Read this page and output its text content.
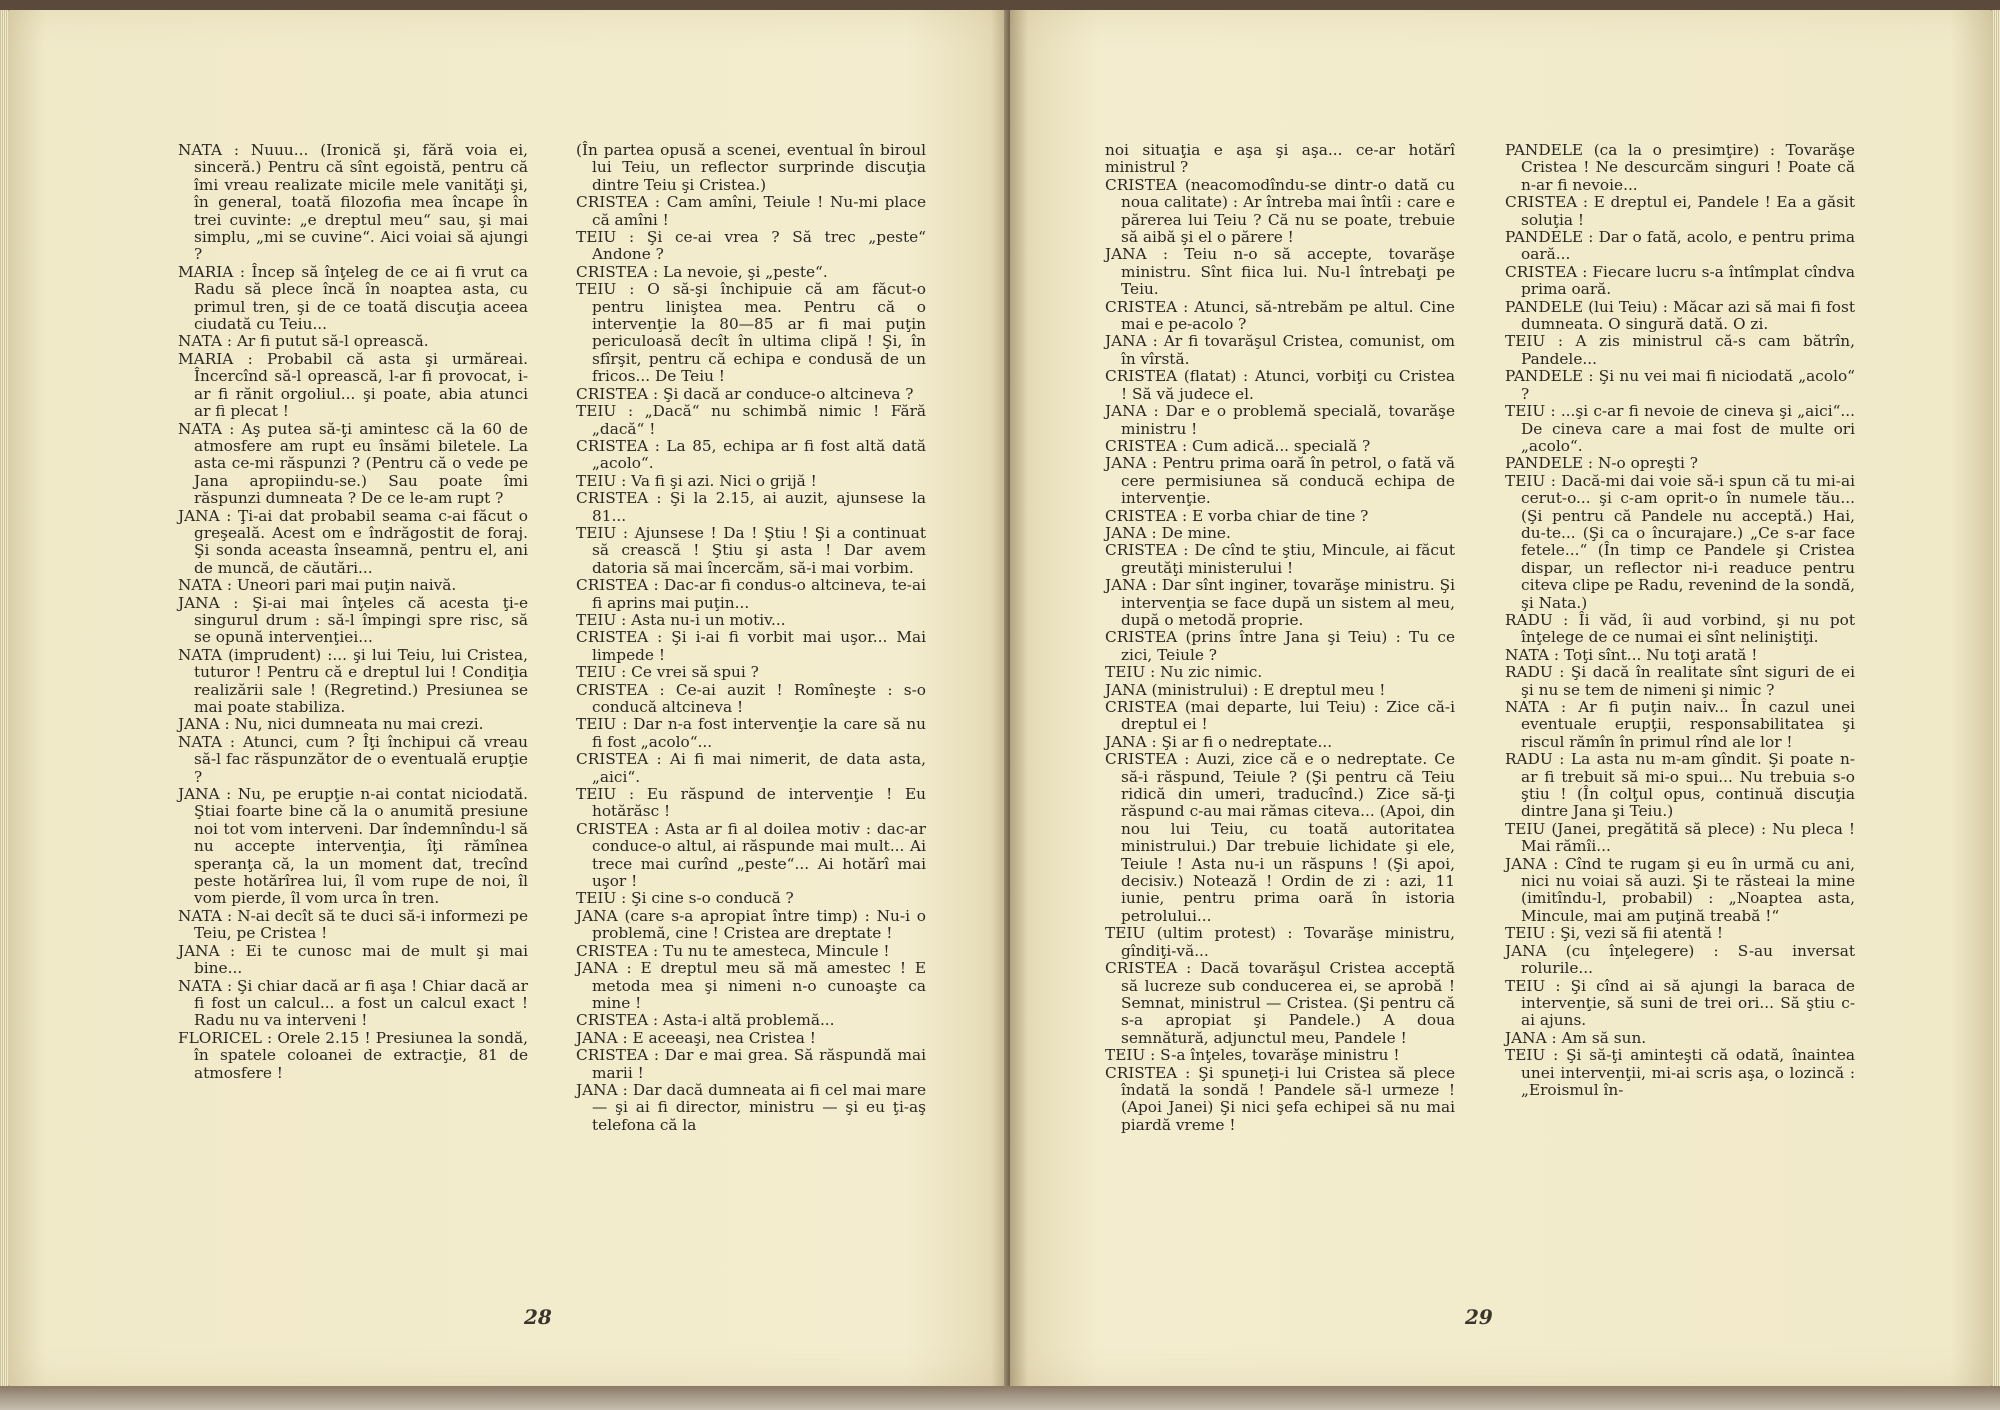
NATA : Nuuu... (Ironică şi, fără voia ei, sinceră.) Pentru că sînt egoistă, pentru că îmi vreau realizate micile mele vanităţi şi, în general, toată filozofia mea încape în trei cuvinte: „e dreptul meu“ sau, şi mai simplu, „mi se cuvine“. Aici voiai să ajungi ?

MARIA : Încep să înţeleg de ce ai fi vrut ca Radu să plece încă în noaptea asta, cu primul tren, şi de ce toată discuţia aceea ciudată cu Teiu...

NATA : Ar fi putut să-l oprească.

MARIA : Probabil că asta şi urmăreai. Încercînd să-l oprească, l-ar fi provocat, i-ar fi rănit orgoliul... şi poate, abia atunci ar fi plecat !

NATA : Aş putea să-ţi amintesc că la 60 de atmosfere am rupt eu însămi biletele. La asta ce-mi răspunzi ? (Pentru că o vede pe Jana apropiindu-se.) Sau poate îmi răspunzi dumneata ? De ce le-am rupt ?

JANA : Ţi-ai dat probabil seama c-ai făcut o greşeală. Acest om e îndrăgostit de foraj. Şi sonda aceasta înseamnă, pentru el, ani de muncă, de căutări...

NATA : Uneori pari mai puţin naivă.

JANA : Şi-ai mai înţeles că acesta ţi-e singurul drum : să-l împingi spre risc, să se opună intervenţiei...

NATA (imprudent) :... şi lui Teiu, lui Cristea, tuturor ! Pentru că e dreptul lui ! Condiţia realizării sale ! (Regretind.) Presiunea se mai poate stabiliza.

JANA : Nu, nici dumneata nu mai crezi.

NATA : Atunci, cum ? Îţi închipui că vreau să-l fac răspunzător de o eventuală erupţie ?

JANA : Nu, pe erupţie n-ai contat niciodată. Ştiai foarte bine că la o anumită presiune noi tot vom interveni. Dar îndemnîndu-l să nu accepte intervenţia, îţi rămînea speranţa că, la un moment dat, trecînd peste hotărîrea lui, îl vom rupe de noi, îl vom pierde, îl vom urca în tren.

NATA : N-ai decît să te duci să-i informezi pe Teiu, pe Cristea !

JANA : Ei te cunosc mai de mult şi mai bine...

NATA : Şi chiar dacă ar fi aşa ! Chiar dacă ar fi fost un calcul... a fost un calcul exact ! Radu nu va interveni !

FLORICEL : Orele 2.15 ! Presiunea la sondă, în spatele coloanei de extracţie, 81 de atmosfere !

(În partea opusă a scenei, eventual în biroul lui Teiu, un reflector surprinde discuţia dintre Teiu şi Cristea.)

CRISTEA : Cam amîni, Teiule ! Nu-mi place că amîni !

TEIU : Şi ce-ai vrea ? Să trec „peste“ Andone ?

CRISTEA : La nevoie, şi „peste“.

TEIU : O să-şi închipuie că am făcut-o pentru liniştea mea. Pentru că o intervenţie la 80—85 ar fi mai puţin periculoasă decît în ultima clipă ! Şi, în sfîrşit, pentru că echipa e condusă de un fricos... De Teiu !

CRISTEA : Şi dacă ar conduce-o altcineva ?

TEIU : „Dacă“ nu schimbă nimic ! Fără „dacă“ !

CRISTEA : La 85, echipa ar fi fost altă dată „acolo“.

TEIU : Va fi şi azi. Nici o grijă !

CRISTEA : Şi la 2.15, ai auzit, ajunsese la 81...

TEIU : Ajunsese ! Da ! Ştiu ! Şi a continuat să crească ! Ştiu şi asta ! Dar avem datoria să mai încercăm, să-i mai vorbim.

CRISTEA : Dac-ar fi condus-o altcineva, te-ai fi aprins mai puţin...

TEIU : Asta nu-i un motiv...

CRISTEA : Şi i-ai fi vorbit mai uşor... Mai limpede !

TEIU : Ce vrei să spui ?

CRISTEA : Ce-ai auzit ! Romîneşte : s-o conducă altcineva !

TEIU : Dar n-a fost intervenţie la care să nu fi fost „acolo“...

CRISTEA : Ai fi mai nimerit, de data asta, „aici“.

TEIU : Eu răspund de intervenţie ! Eu hotărăsc !

CRISTEA : Asta ar fi al doilea motiv : dac-ar conduce-o altul, ai răspunde mai mult... Ai trece mai curînd „peste“... Ai hotărî mai uşor !

TEIU : Şi cine s-o conducă ?

JANA (care s-a apropiat între timp) : Nu-i o problemă, cine ! Cristea are dreptate !

CRISTEA : Tu nu te amesteca, Mincule !

JANA : E dreptul meu să mă amestec ! E metoda mea şi nimeni n-o cunoaşte ca mine !

CRISTEA : Asta-i altă problemă...

JANA : E aceeaşi, nea Cristea !

CRISTEA : Dar e mai grea. Să răspundă mai marii !

JANA : Dar dacă dumneata ai fi cel mai mare — şi ai fi director, ministru — şi eu ţi-aş telefona că la

28

noi situaţia e aşa şi aşa... ce-ar hotărî ministrul ?

CRISTEA (neacomodîndu-se dintr-o dată cu noua calitate) : Ar întreba mai întîi : care e părerea lui Teiu ? Că nu se poate, trebuie să aibă şi el o părere !

JANA : Teiu n-o să accepte, tovarăşe ministru. Sînt fiica lui. Nu-l întrebaţi pe Teiu.

CRISTEA : Atunci, să-ntrebăm pe altul. Cine mai e pe-acolo ?

JANA : Ar fi tovarăşul Cristea, comunist, om în vîrstă.

CRISTEA (flatat) : Atunci, vorbiţi cu Cristea ! Să vă judece el.

JANA : Dar e o problemă specială, tovarăşe ministru !

CRISTEA : Cum adică... specială ?

JANA : Pentru prima oară în petrol, o fată vă cere permisiunea să conducă echipa de intervenţie.

CRISTEA : E vorba chiar de tine ?

JANA : De mine.

CRISTEA : De cînd te ştiu, Mincule, ai făcut greutăţi ministerului !

JANA : Dar sînt inginer, tovarăşe ministru. Şi intervenţia se face după un sistem al meu, după o metodă proprie.

CRISTEA (prins între Jana şi Teiu) : Tu ce zici, Teiule ?

TEIU : Nu zic nimic.

JANA (ministrului) : E dreptul meu !

CRISTEA (mai departe, lui Teiu) : Zice că-i dreptul ei !

JANA : Şi ar fi o nedreptate...

CRISTEA : Auzi, zice că e o nedreptate. Ce să-i răspund, Teiule ? (Şi pentru că Teiu ridică din umeri, traducînd.) Zice să-ţi răspund c-au mai rămas citeva... (Apoi, din nou lui Teiu, cu toată autoritatea ministrului.) Dar trebuie lichidate şi ele, Teiule ! Asta nu-i un răspuns ! (Şi apoi, decisiv.) Notează ! Ordin de zi : azi, 11 iunie, pentru prima oară în istoria petrolului...

TEIU (ultim protest) : Tovarăşe ministru, gîndiţi-vă...

CRISTEA : Dacă tovarăşul Cristea acceptă să lucreze sub conducerea ei, se aprobă ! Semnat, ministrul — Cristea. (Şi pentru că s-a apropiat şi Pandele.) A doua semnătură, adjunctul meu, Pandele !

TEIU : S-a înţeles, tovarăşe ministru !

CRISTEA : Şi spuneţi-i lui Cristea să plece îndată la sondă ! Pandele să-l urmeze ! (Apoi Janei) Şi nici şefa echipei să nu mai piardă vreme !

PANDELE (ca la o presimţire) : Tovarăşe Cristea ! Ne descurcăm singuri ! Poate că n-ar fi nevoie...

CRISTEA : E dreptul ei, Pandele ! Ea a găsit soluţia !

PANDELE : Dar o fată, acolo, e pentru prima oară...

CRISTEA : Fiecare lucru s-a întîmplat cîndva prima oară.

PANDELE (lui Teiu) : Măcar azi să mai fi fost dumneata. O singură dată. O zi.

TEIU : A zis ministrul că-s cam bătrîn, Pandele...

PANDELE : Şi nu vei mai fi niciodată „acolo“ ?

TEIU : ...şi c-ar fi nevoie de cineva şi „aici“... De cineva care a mai fost de multe ori „acolo“.

PANDELE : N-o opreşti ?

TEIU : Dacă-mi dai voie să-i spun că tu mi-ai cerut-o... şi c-am oprit-o în numele tău... (Şi pentru că Pandele nu acceptă.) Hai, du-te... (Şi ca o încurajare.) „Ce s-ar face fetele...“ (În timp ce Pandele şi Cristea dispar, un reflector ni-i readuce pentru citeva clipe pe Radu, revenind de la sondă, şi Nata.)

RADU : Îi văd, îi aud vorbind, şi nu pot înţelege de ce numai ei sînt neliniştiţi.

NATA : Toţi sînt... Nu toţi arată !

RADU : Şi dacă în realitate sînt siguri de ei şi nu se tem de nimeni şi nimic ?

NATA : Ar fi puţin naiv... În cazul unei eventuale erupţii, responsabilitatea şi riscul rămîn în primul rînd ale lor !

RADU : La asta nu m-am gîndit. Şi poate n-ar fi trebuit să mi-o spui... Nu trebuia s-o ştiu ! (În colţul opus, continuă discuţia dintre Jana şi Teiu.)

TEIU (Janei, pregătită să plece) : Nu pleca ! Mai rămîi...

JANA : Cînd te rugam şi eu în urmă cu ani, nici nu voiai să auzi. Şi te răsteai la mine (imitîndu-l, probabil) : „Noaptea asta, Mincule, mai am puţină treabă !“

TEIU : Şi, vezi să fii atentă !

JANA (cu înţelegere) : S-au inversat rolurile...

TEIU : Şi cînd ai să ajungi la baraca de intervenţie, să suni de trei ori... Să ştiu c-ai ajuns.

JANA : Am să sun.

TEIU : Şi să-ţi aminteşti că odată, înaintea unei intervenţii, mi-ai scris aşa, o lozincă : „Eroismul în-

29
